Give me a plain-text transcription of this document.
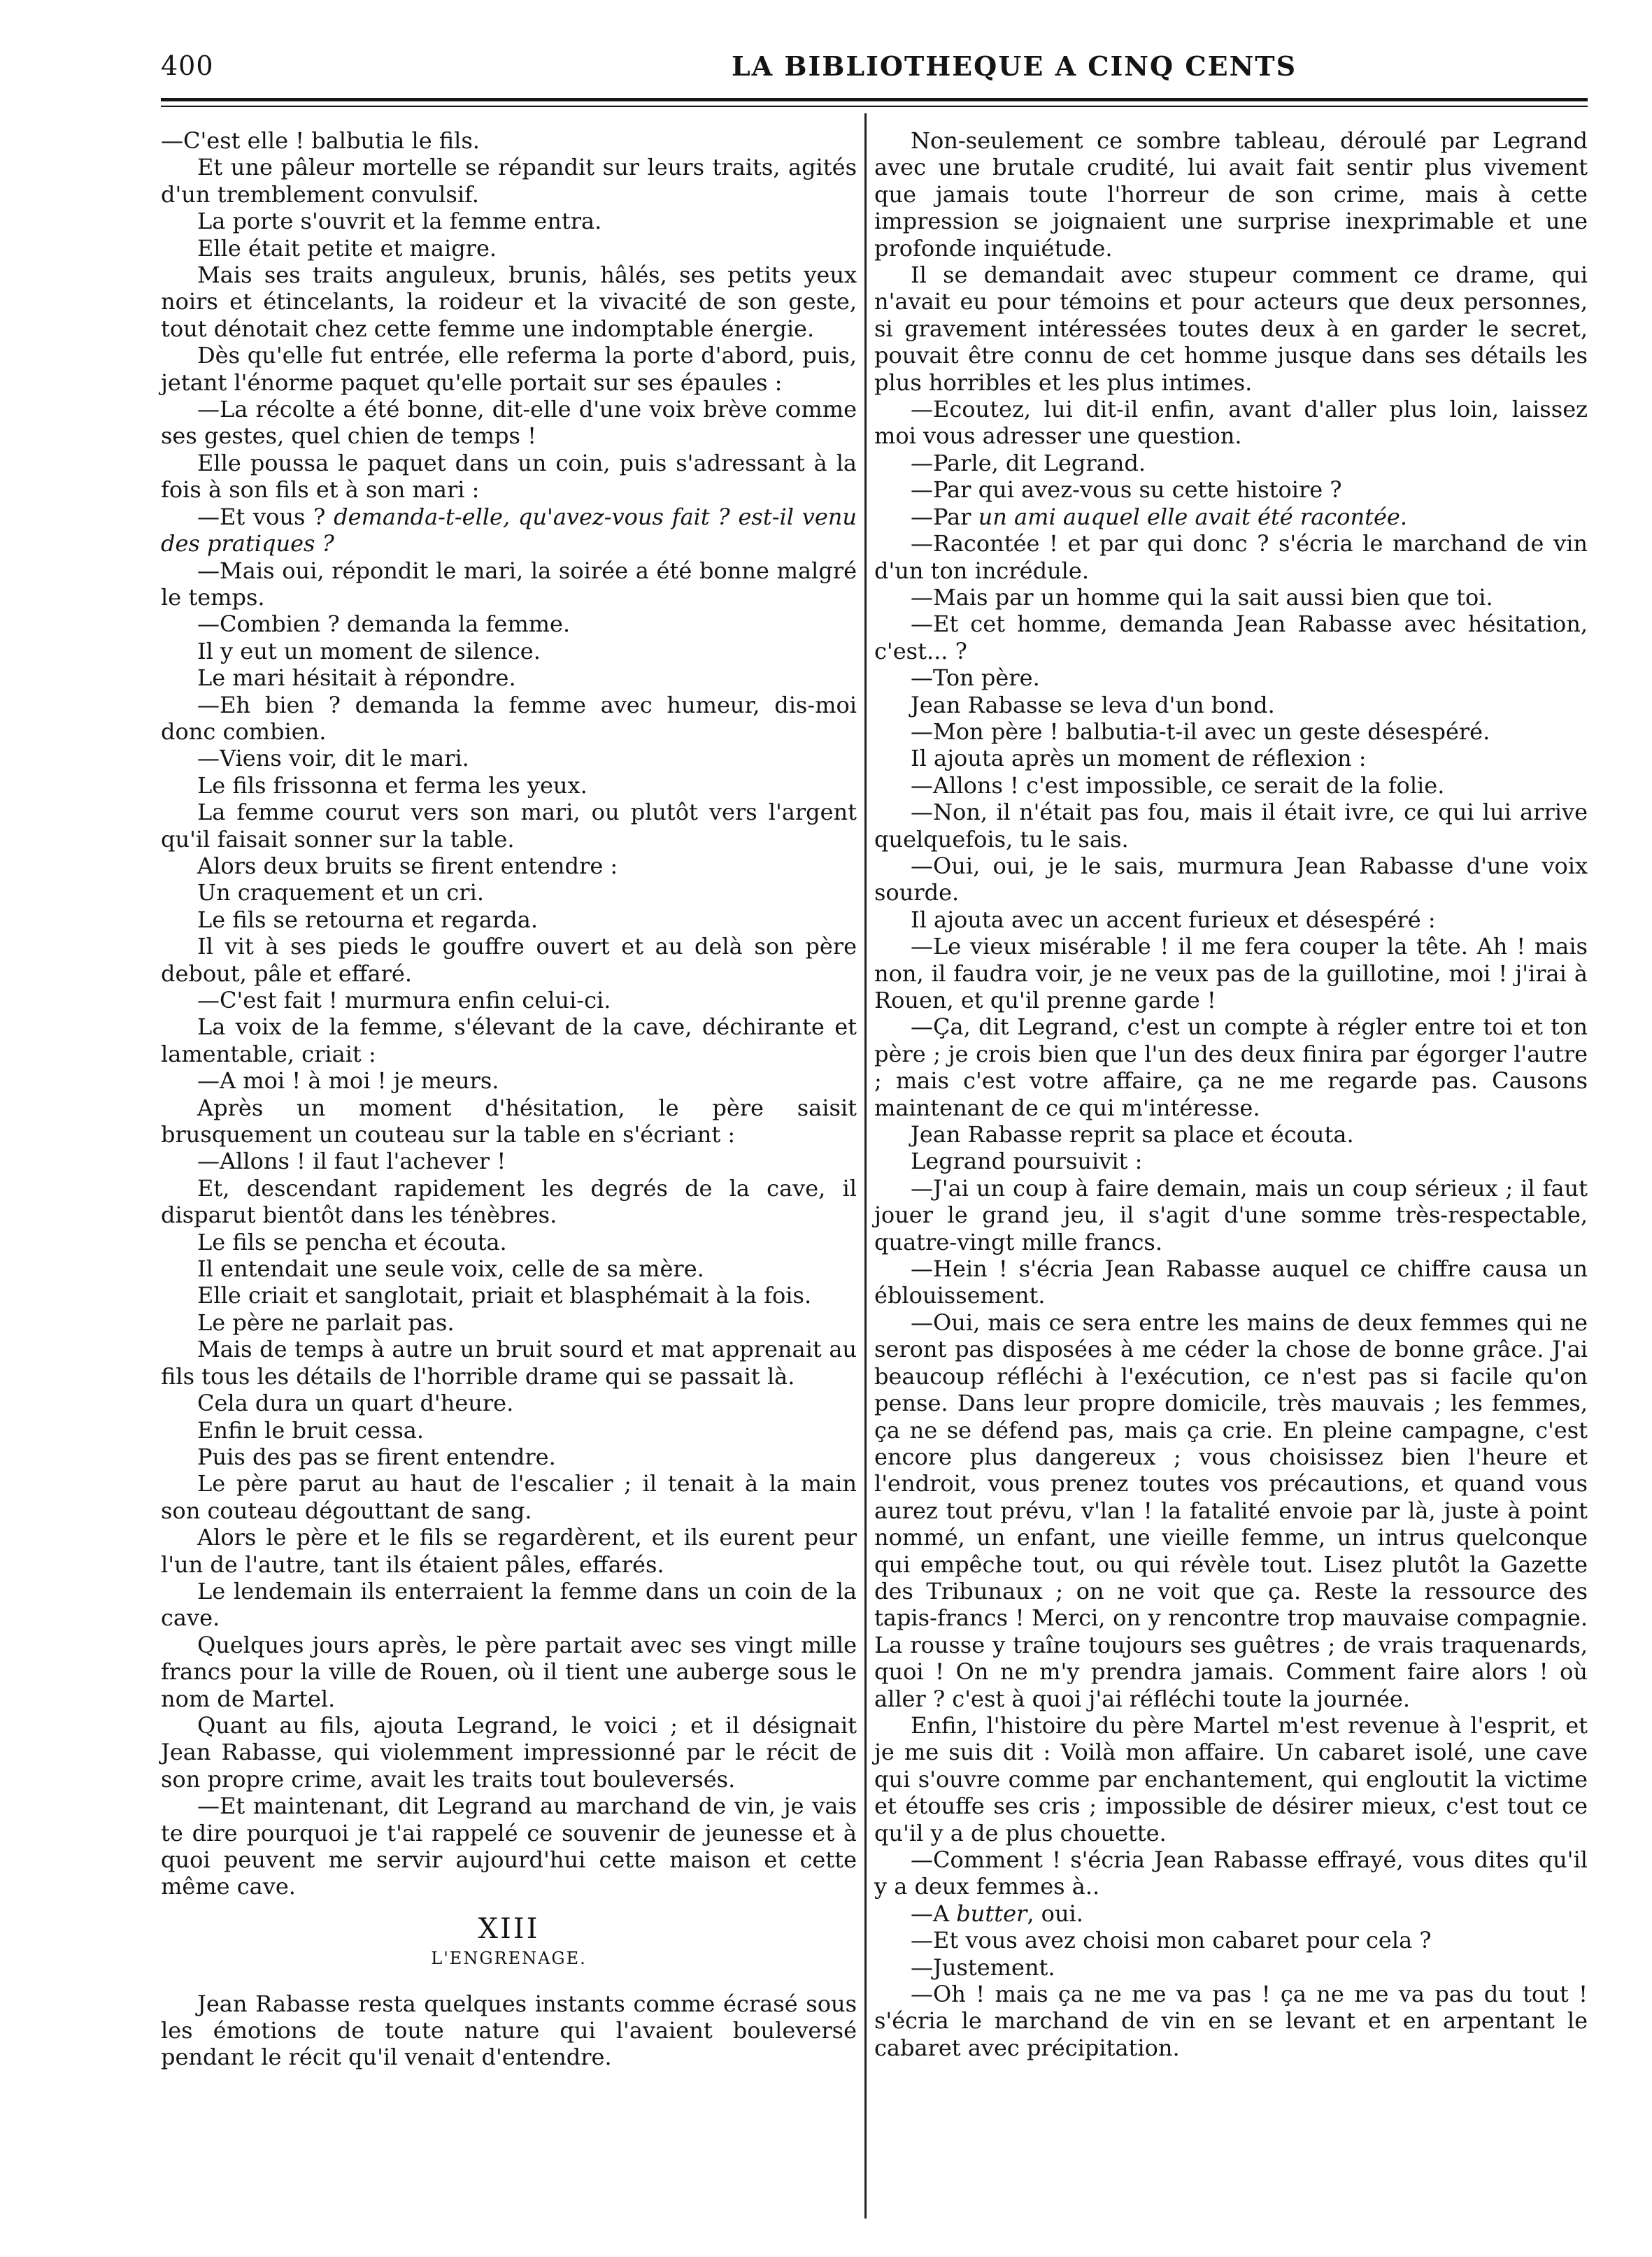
400	LA BIBLIOTHEQUE A CINQ CENTS

—C'est elle ! balbutia le fils.

Et une pâleur mortelle se répandit sur leurs traits, agités d'un tremblement convulsif.

La porte s'ouvrit et la femme entra.

Elle était petite et maigre.

Mais ses traits anguleux, brunis, hâlés, ses petits yeux noirs et étincelants, la roideur et la vivacité de son geste, tout dénotait chez cette femme une indomptable énergie.

Dès qu'elle fut entrée, elle referma la porte d'abord, puis, jetant l'énorme paquet qu'elle portait sur ses épaules :

—La récolte a été bonne, dit-elle d'une voix brève comme ses gestes, quel chien de temps !

Elle poussa le paquet dans un coin, puis s'adressant à la fois à son fils et à son mari :

—Et vous ? demanda-t-elle, qu'avez-vous fait ? est-il venu des pratiques ?

—Mais oui, répondit le mari, la soirée a été bonne malgré le temps.

—Combien ? demanda la femme.

Il y eut un moment de silence.

Le mari hésitait à répondre.

—Eh bien ? demanda la femme avec humeur, dis-moi donc combien.

—Viens voir, dit le mari.

Le fils frissonna et ferma les yeux.

La femme courut vers son mari, ou plutôt vers l'argent qu'il faisait sonner sur la table.

Alors deux bruits se firent entendre :

Un craquement et un cri.

Le fils se retourna et regarda.

Il vit à ses pieds le gouffre ouvert et au delà son père debout, pâle et effaré.

—C'est fait ! murmura enfin celui-ci.

La voix de la femme, s'élevant de la cave, déchirante et lamentable, criait :

—A moi ! à moi ! je meurs.

Après un moment d'hésitation, le père saisit brusquement un couteau sur la table en s'écriant :

—Allons ! il faut l'achever !

Et, descendant rapidement les degrés de la cave, il disparut bientôt dans les ténèbres.

Le fils se pencha et écouta.

Il entendait une seule voix, celle de sa mère.

Elle criait et sanglotait, priait et blasphémait à la fois.

Le père ne parlait pas.

Mais de temps à autre un bruit sourd et mat apprenait au fils tous les détails de l'horrible drame qui se passait là.

Cela dura un quart d'heure.

Enfin le bruit cessa.

Puis des pas se firent entendre.

Le père parut au haut de l'escalier ; il tenait à la main son couteau dégouttant de sang.

Alors le père et le fils se regardèrent, et ils eurent peur l'un de l'autre, tant ils étaient pâles, effarés.

Le lendemain ils enterraient la femme dans un coin de la cave.

Quelques jours après, le père partait avec ses vingt mille francs pour la ville de Rouen, où il tient une auberge sous le nom de Martel.

Quant au fils, ajouta Legrand, le voici ; et il désignait Jean Rabasse, qui violemment impressionné par le récit de son propre crime, avait les traits tout bouleversés.

—Et maintenant, dit Legrand au marchand de vin, je vais te dire pourquoi je t'ai rappelé ce souvenir de jeunesse et à quoi peuvent me servir aujourd'hui cette maison et cette même cave.

XIII
L'ENGRENAGE.

Jean Rabasse resta quelques instants comme écrasé sous les émotions de toute nature qui l'avaient bouleversé pendant le récit qu'il venait d'entendre.

Non-seulement ce sombre tableau, déroulé par Legrand avec une brutale crudité, lui avait fait sentir plus vivement que jamais toute l'horreur de son crime, mais à cette impression se joignaient une surprise inexprimable et une profonde inquiétude.

Il se demandait avec stupeur comment ce drame, qui n'avait eu pour témoins et pour acteurs que deux personnes, si gravement intéressées toutes deux à en garder le secret, pouvait être connu de cet homme jusque dans ses détails les plus horribles et les plus intimes.

—Ecoutez, lui dit-il enfin, avant d'aller plus loin, laissez moi vous adresser une question.

—Parle, dit Legrand.

—Par qui avez-vous su cette histoire ?

—Par un ami auquel elle avait été racontée.

—Racontée ! et par qui donc ? s'écria le marchand de vin d'un ton incrédule.

—Mais par un homme qui la sait aussi bien que toi.

—Et cet homme, demanda Jean Rabasse avec hésitation, c'est... ?

—Ton père.

Jean Rabasse se leva d'un bond.

—Mon père ! balbutia-t-il avec un geste désespéré.

Il ajouta après un moment de réflexion :

—Allons ! c'est impossible, ce serait de la folie.

—Non, il n'était pas fou, mais il était ivre, ce qui lui arrive quelquefois, tu le sais.

—Oui, oui, je le sais, murmura Jean Rabasse d'une voix sourde.

Il ajouta avec un accent furieux et désespéré :

—Le vieux misérable ! il me fera couper la tête. Ah ! mais non, il faudra voir, je ne veux pas de la guillotine, moi ! j'irai à Rouen, et qu'il prenne garde !

—Ça, dit Legrand, c'est un compte à régler entre toi et ton père ; je crois bien que l'un des deux finira par égorger l'autre ; mais c'est votre affaire, ça ne me regarde pas. Causons maintenant de ce qui m'intéresse.

Jean Rabasse reprit sa place et écouta.

Legrand poursuivit :

—J'ai un coup à faire demain, mais un coup sérieux ; il faut jouer le grand jeu, il s'agit d'une somme très-respectable, quatre-vingt mille francs.

—Hein ! s'écria Jean Rabasse auquel ce chiffre causa un éblouissement.

—Oui, mais ce sera entre les mains de deux femmes qui ne seront pas disposées à me céder la chose de bonne grâce. J'ai beaucoup réfléchi à l'exécution, ce n'est pas si facile qu'on pense. Dans leur propre domicile, très mauvais ; les femmes, ça ne se défend pas, mais ça crie. En pleine campagne, c'est encore plus dangereux ; vous choisissez bien l'heure et l'endroit, vous prenez toutes vos précautions, et quand vous aurez tout prévu, v'lan ! la fatalité envoie par là, juste à point nommé, un enfant, une vieille femme, un intrus quelconque qui empêche tout, ou qui révèle tout. Lisez plutôt la Gazette des Tribunaux ; on ne voit que ça. Reste la ressource des tapis-francs ! Merci, on y rencontre trop mauvaise compagnie. La rousse y traîne toujours ses guêtres ; de vrais traquenards, quoi ! On ne m'y prendra jamais. Comment faire alors ! où aller ? c'est à quoi j'ai réfléchi toute la journée.

Enfin, l'histoire du père Martel m'est revenue à l'esprit, et je me suis dit : Voilà mon affaire. Un cabaret isolé, une cave qui s'ouvre comme par enchantement, qui engloutit la victime et étouffe ses cris ; impossible de désirer mieux, c'est tout ce qu'il y a de plus chouette.

—Comment ! s'écria Jean Rabasse effrayé, vous dites qu'il y a deux femmes à..

—A butter, oui.

—Et vous avez choisi mon cabaret pour cela ?

—Justement.

—Oh ! mais ça ne me va pas ! ça ne me va pas du tout ! s'écria le marchand de vin en se levant et en arpentant le cabaret avec précipitation.
